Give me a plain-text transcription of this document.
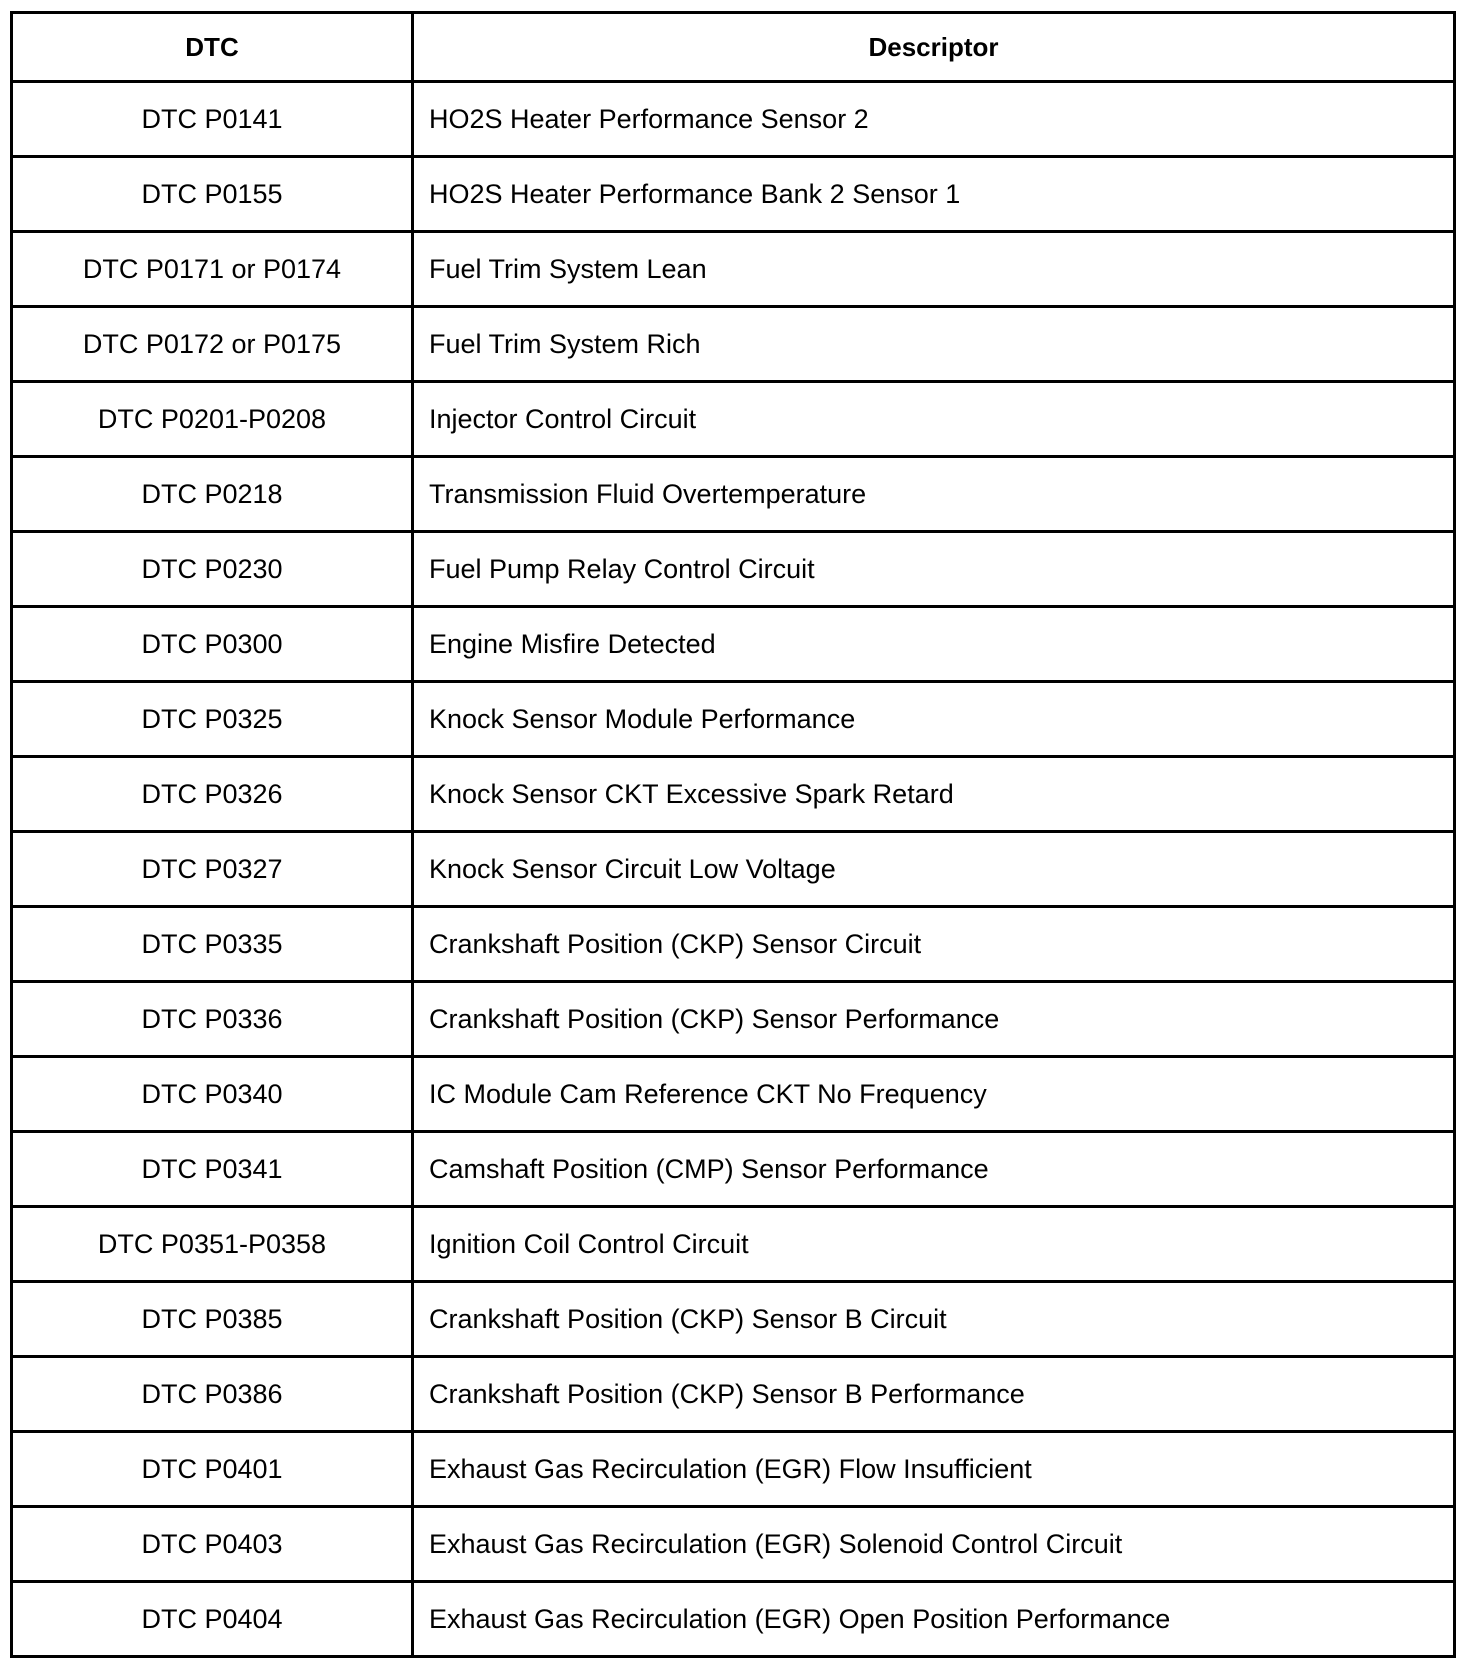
DTC	Descriptor
DTC P0141	HO2S Heater Performance Sensor 2
DTC P0155	HO2S Heater Performance Bank 2 Sensor 1
DTC P0171 or P0174	Fuel Trim System Lean
DTC P0172 or P0175	Fuel Trim System Rich
DTC P0201-P0208	Injector Control Circuit
DTC P0218	Transmission Fluid Overtemperature
DTC P0230	Fuel Pump Relay Control Circuit
DTC P0300	Engine Misfire Detected
DTC P0325	Knock Sensor Module Performance
DTC P0326	Knock Sensor CKT Excessive Spark Retard
DTC P0327	Knock Sensor Circuit Low Voltage
DTC P0335	Crankshaft Position (CKP) Sensor Circuit
DTC P0336	Crankshaft Position (CKP) Sensor Performance
DTC P0340	IC Module Cam Reference CKT No Frequency
DTC P0341	Camshaft Position (CMP) Sensor Performance
DTC P0351-P0358	Ignition Coil Control Circuit
DTC P0385	Crankshaft Position (CKP) Sensor B Circuit
DTC P0386	Crankshaft Position (CKP) Sensor B Performance
DTC P0401	Exhaust Gas Recirculation (EGR) Flow Insufficient
DTC P0403	Exhaust Gas Recirculation (EGR) Solenoid Control Circuit
DTC P0404	Exhaust Gas Recirculation (EGR) Open Position Performance
